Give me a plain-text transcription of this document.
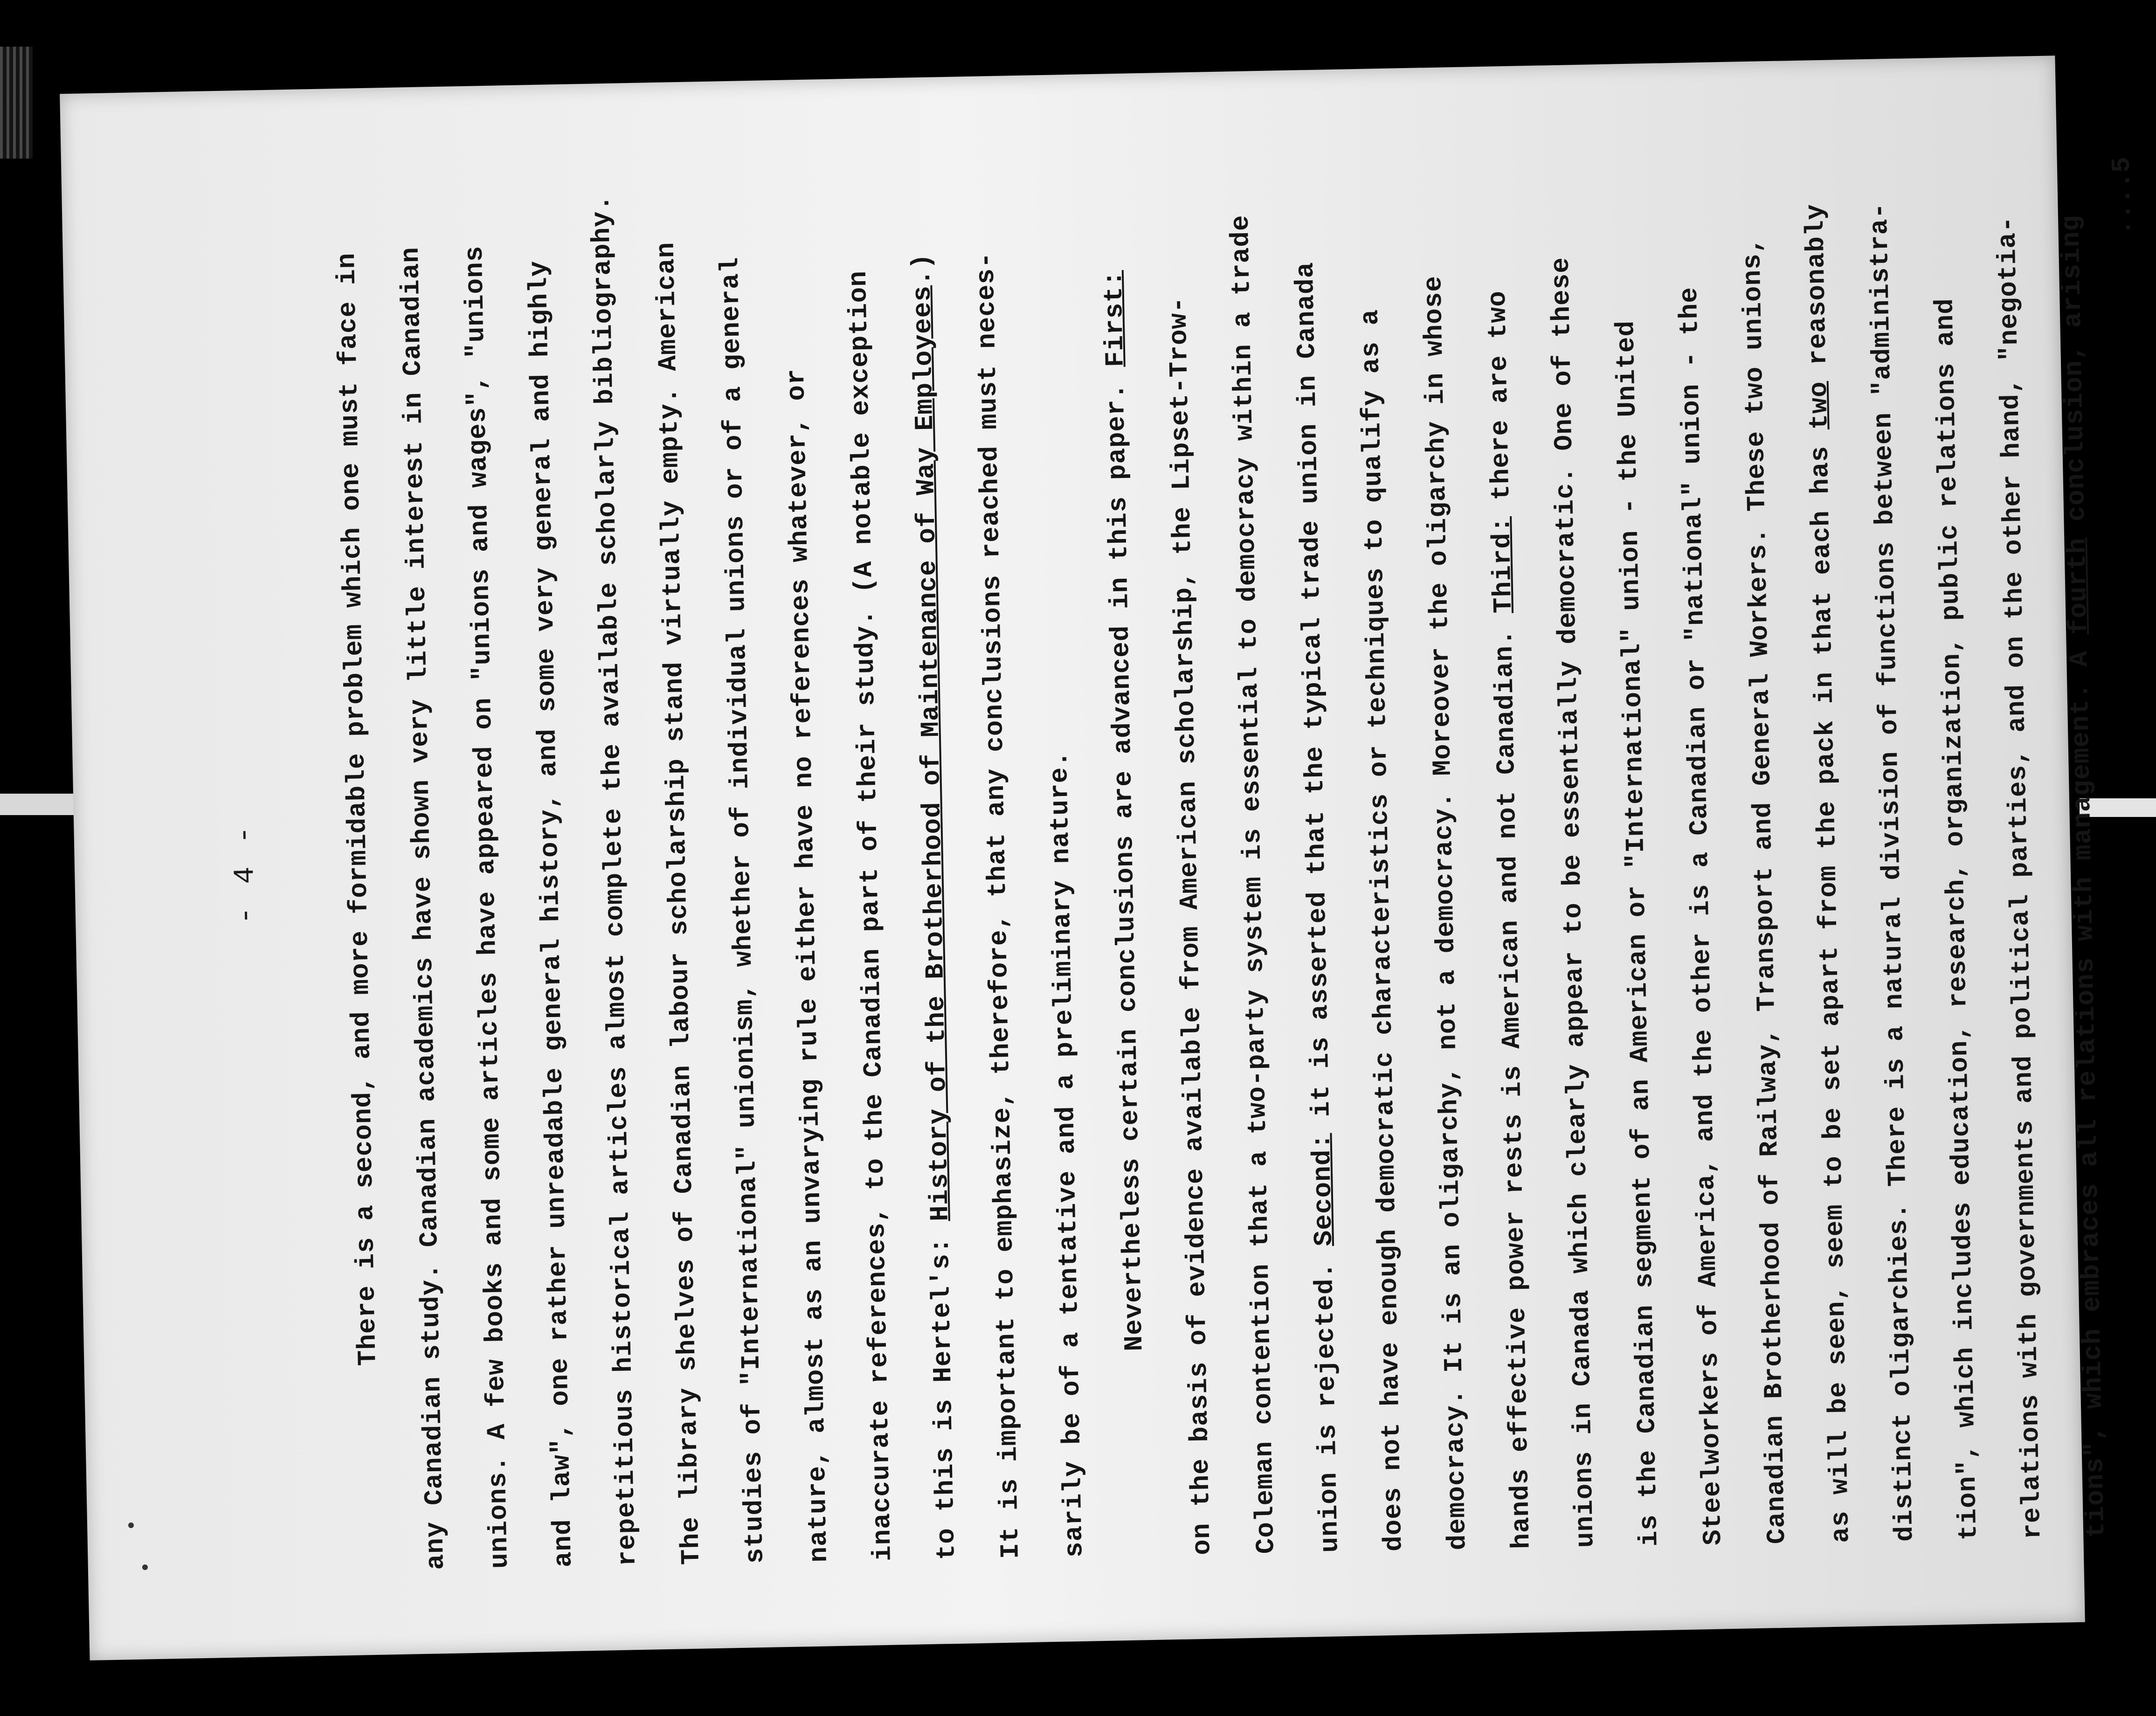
- 4 -	There is a second, and more formidable problem which one must face in any Canadian study. Canadian academics have shown very little interest in Canadian unions. A few books and some articles have appeared on "unions and wages", "unions and law", one rather unreadable general history, and some very general and highly repetitious historical articles almost complete the available scholarly bibliography. The library shelves of Canadian labour scholarship stand virtually empty. American studies of "International" unionism, whether of individual unions or of a general nature, almost as an unvarying rule either have no references whatever, or inaccurate references, to the Canadian part of their study. (A notable exception	to this is Hertel's: History of the Brotherhood of Maintenance of Way Employees.)	It is important to emphasize, therefore, that any conclusions reached must neces- sarily be of a tentative and a preliminary nature. Nevertheless certain conclusions are advanced in this paper. First:	on the basis of evidence available from American scholarship, the Lipset-Trow- Coleman contention that a two-party system is essential to democracy within a trade	union is rejected. Second: it is asserted that the typical trade union in Canada does not have enough democratic characteristics or techniques to qualify as a democracy. It is an oligarchy, not a democracy. Moreover the oligarchy in whose hands effective power rests is American and not Canadian. Third: there are two	unions in Canada which clearly appear to be essentially democratic. One of these is the Canadian segment of an American or "International" union - the United Steelworkers of America, and the other is a Canadian or "national" union - the Canadian Brotherhood of Railway, Transport and General Workers. These two unions, as will be seen, seem to be set apart from the pack in that each has two reasonably	distinct oligarchies. There is a natural division of functions between "administra- tion", which includes education, research, organization, public relations and relations with governments and political parties, and on the other hand, "negotia- tions", which embraces all relations with management. A fourth conclusion, arising
....5
